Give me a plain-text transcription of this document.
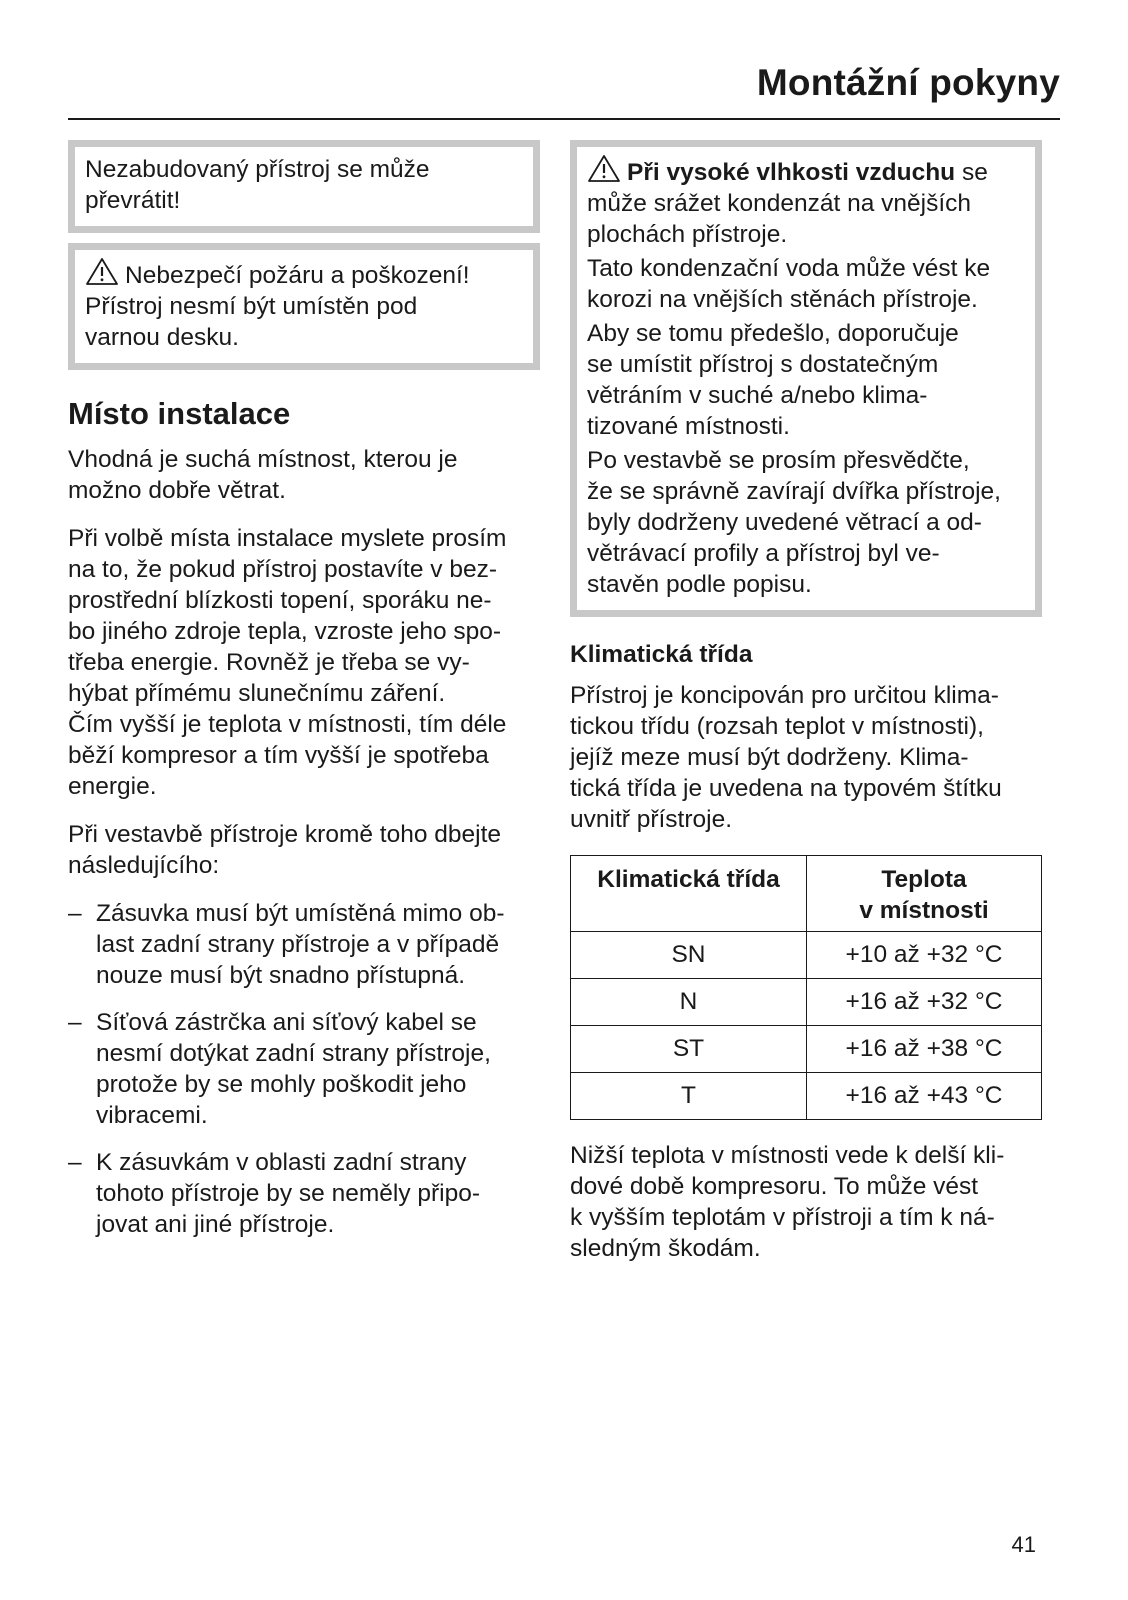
Montážní pokyny

Nezabudovaný přístroj se může
převrátit!

Nebezpečí požáru a poškození!
Přístroj nesmí být umístěn pod
varnou desku.

Místo instalace

Vhodná je suchá místnost, kterou je
možno dobře větrat.

Při volbě místa instalace myslete prosím
na to, že pokud přístroj postavíte v bez-
prostřední blízkosti topení, sporáku ne-
bo jiného zdroje tepla, vzroste jeho spo-
třeba energie. Rovněž je třeba se vy-
hýbat přímému slunečnímu záření.
Čím vyšší je teplota v místnosti, tím déle
běží kompresor a tím vyšší je spotřeba
energie.

Při vestavbě přístroje kromě toho dbejte
následujícího:

– Zásuvka musí být umístěná mimo ob-
last zadní strany přístroje a v případě
nouze musí být snadno přístupná.
– Síťová zástrčka ani síťový kabel se
nesmí dotýkat zadní strany přístroje,
protože by se mohly poškodit jeho
vibracemi.
– K zásuvkám v oblasti zadní strany
tohoto přístroje by se neměly připo-
jovat ani jiné přístroje.

Při vysoké vlhkosti vzduchu se
může srážet kondenzát na vnějších
plochách přístroje.

Tato kondenzační voda může vést ke
korozi na vnějších stěnách přístroje.

Aby se tomu předešlo, doporučuje
se umístit přístroj s dostatečným
větráním v suché a/nebo klima-
tizované místnosti.

Po vestavbě se prosím přesvědčte,
že se správně zavírají dvířka přístroje,
byly dodrženy uvedené větrací a od-
větrávací profily a přístroj byl ve-
stavěn podle popisu.

Klimatická třída

Přístroj je koncipován pro určitou klima-
tickou třídu (rozsah teplot v místnosti),
jejíž meze musí být dodrženy. Klima-
tická třída je uvedena na typovém štítku
uvnitř přístroje.

Klimatická třída	Teplota
v místnosti
SN	+10 až +32 °C
N	+16 až +32 °C
ST	+16 až +38 °C
T	+16 až +43 °C

Nižší teplota v místnosti vede k delší kli-
dové době kompresoru. To může vést
k vyšším teplotám v přístroji a tím k ná-
sledným škodám.

41
